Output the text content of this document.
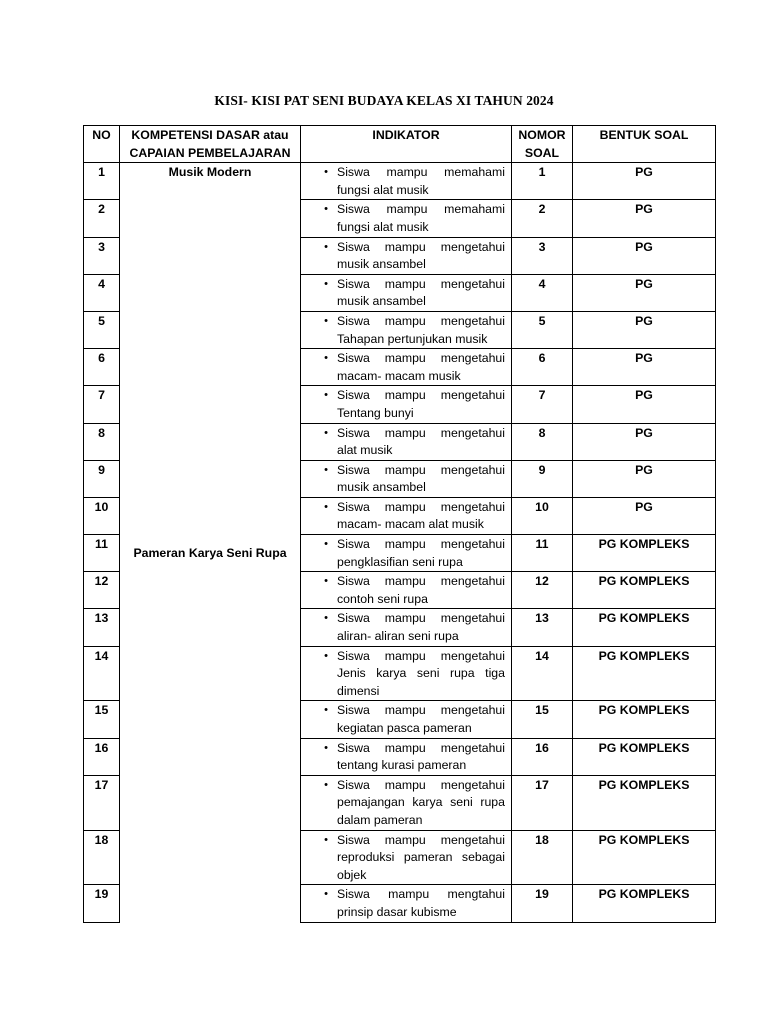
KISI- KISI PAT SENI BUDAYA KELAS XI TAHUN 2024
NO	KOMPETENSI DASAR atau CAPAIAN PEMBELAJARAN	INDIKATOR	NOMOR SOAL	BENTUK SOAL
1	Musik Modern	• Siswa mampu memahami fungsi alat musik	1	PG
2		• Siswa mampu memahami fungsi alat musik	2	PG
3		• Siswa mampu mengetahui musik ansambel	3	PG
4		• Siswa mampu mengetahui musik ansambel	4	PG
5		• Siswa mampu mengetahui Tahapan pertunjukan musik	5	PG
6		• Siswa mampu mengetahui macam- macam musik	6	PG
7		• Siswa mampu mengetahui Tentang bunyi	7	PG
8		• Siswa mampu mengetahui alat musik	8	PG
9		• Siswa mampu mengetahui musik ansambel	9	PG
10		• Siswa mampu mengetahui macam- macam alat musik	10	PG
11	Pameran Karya Seni Rupa	• Siswa mampu mengetahui pengklasifian seni rupa	11	PG KOMPLEKS
12		• Siswa mampu mengetahui contoh seni rupa	12	PG KOMPLEKS
13		• Siswa mampu mengetahui aliran- aliran seni rupa	13	PG KOMPLEKS
14		• Siswa mampu mengetahui Jenis karya seni rupa tiga dimensi	14	PG KOMPLEKS
15		• Siswa mampu mengetahui kegiatan pasca pameran	15	PG KOMPLEKS
16		• Siswa mampu mengetahui tentang kurasi pameran	16	PG KOMPLEKS
17		• Siswa mampu mengetahui pemajangan karya seni rupa dalam pameran	17	PG KOMPLEKS
18		• Siswa mampu mengetahui reproduksi pameran sebagai objek	18	PG KOMPLEKS
19		• Siswa mampu mengtahui prinsip dasar kubisme	19	PG KOMPLEKS
